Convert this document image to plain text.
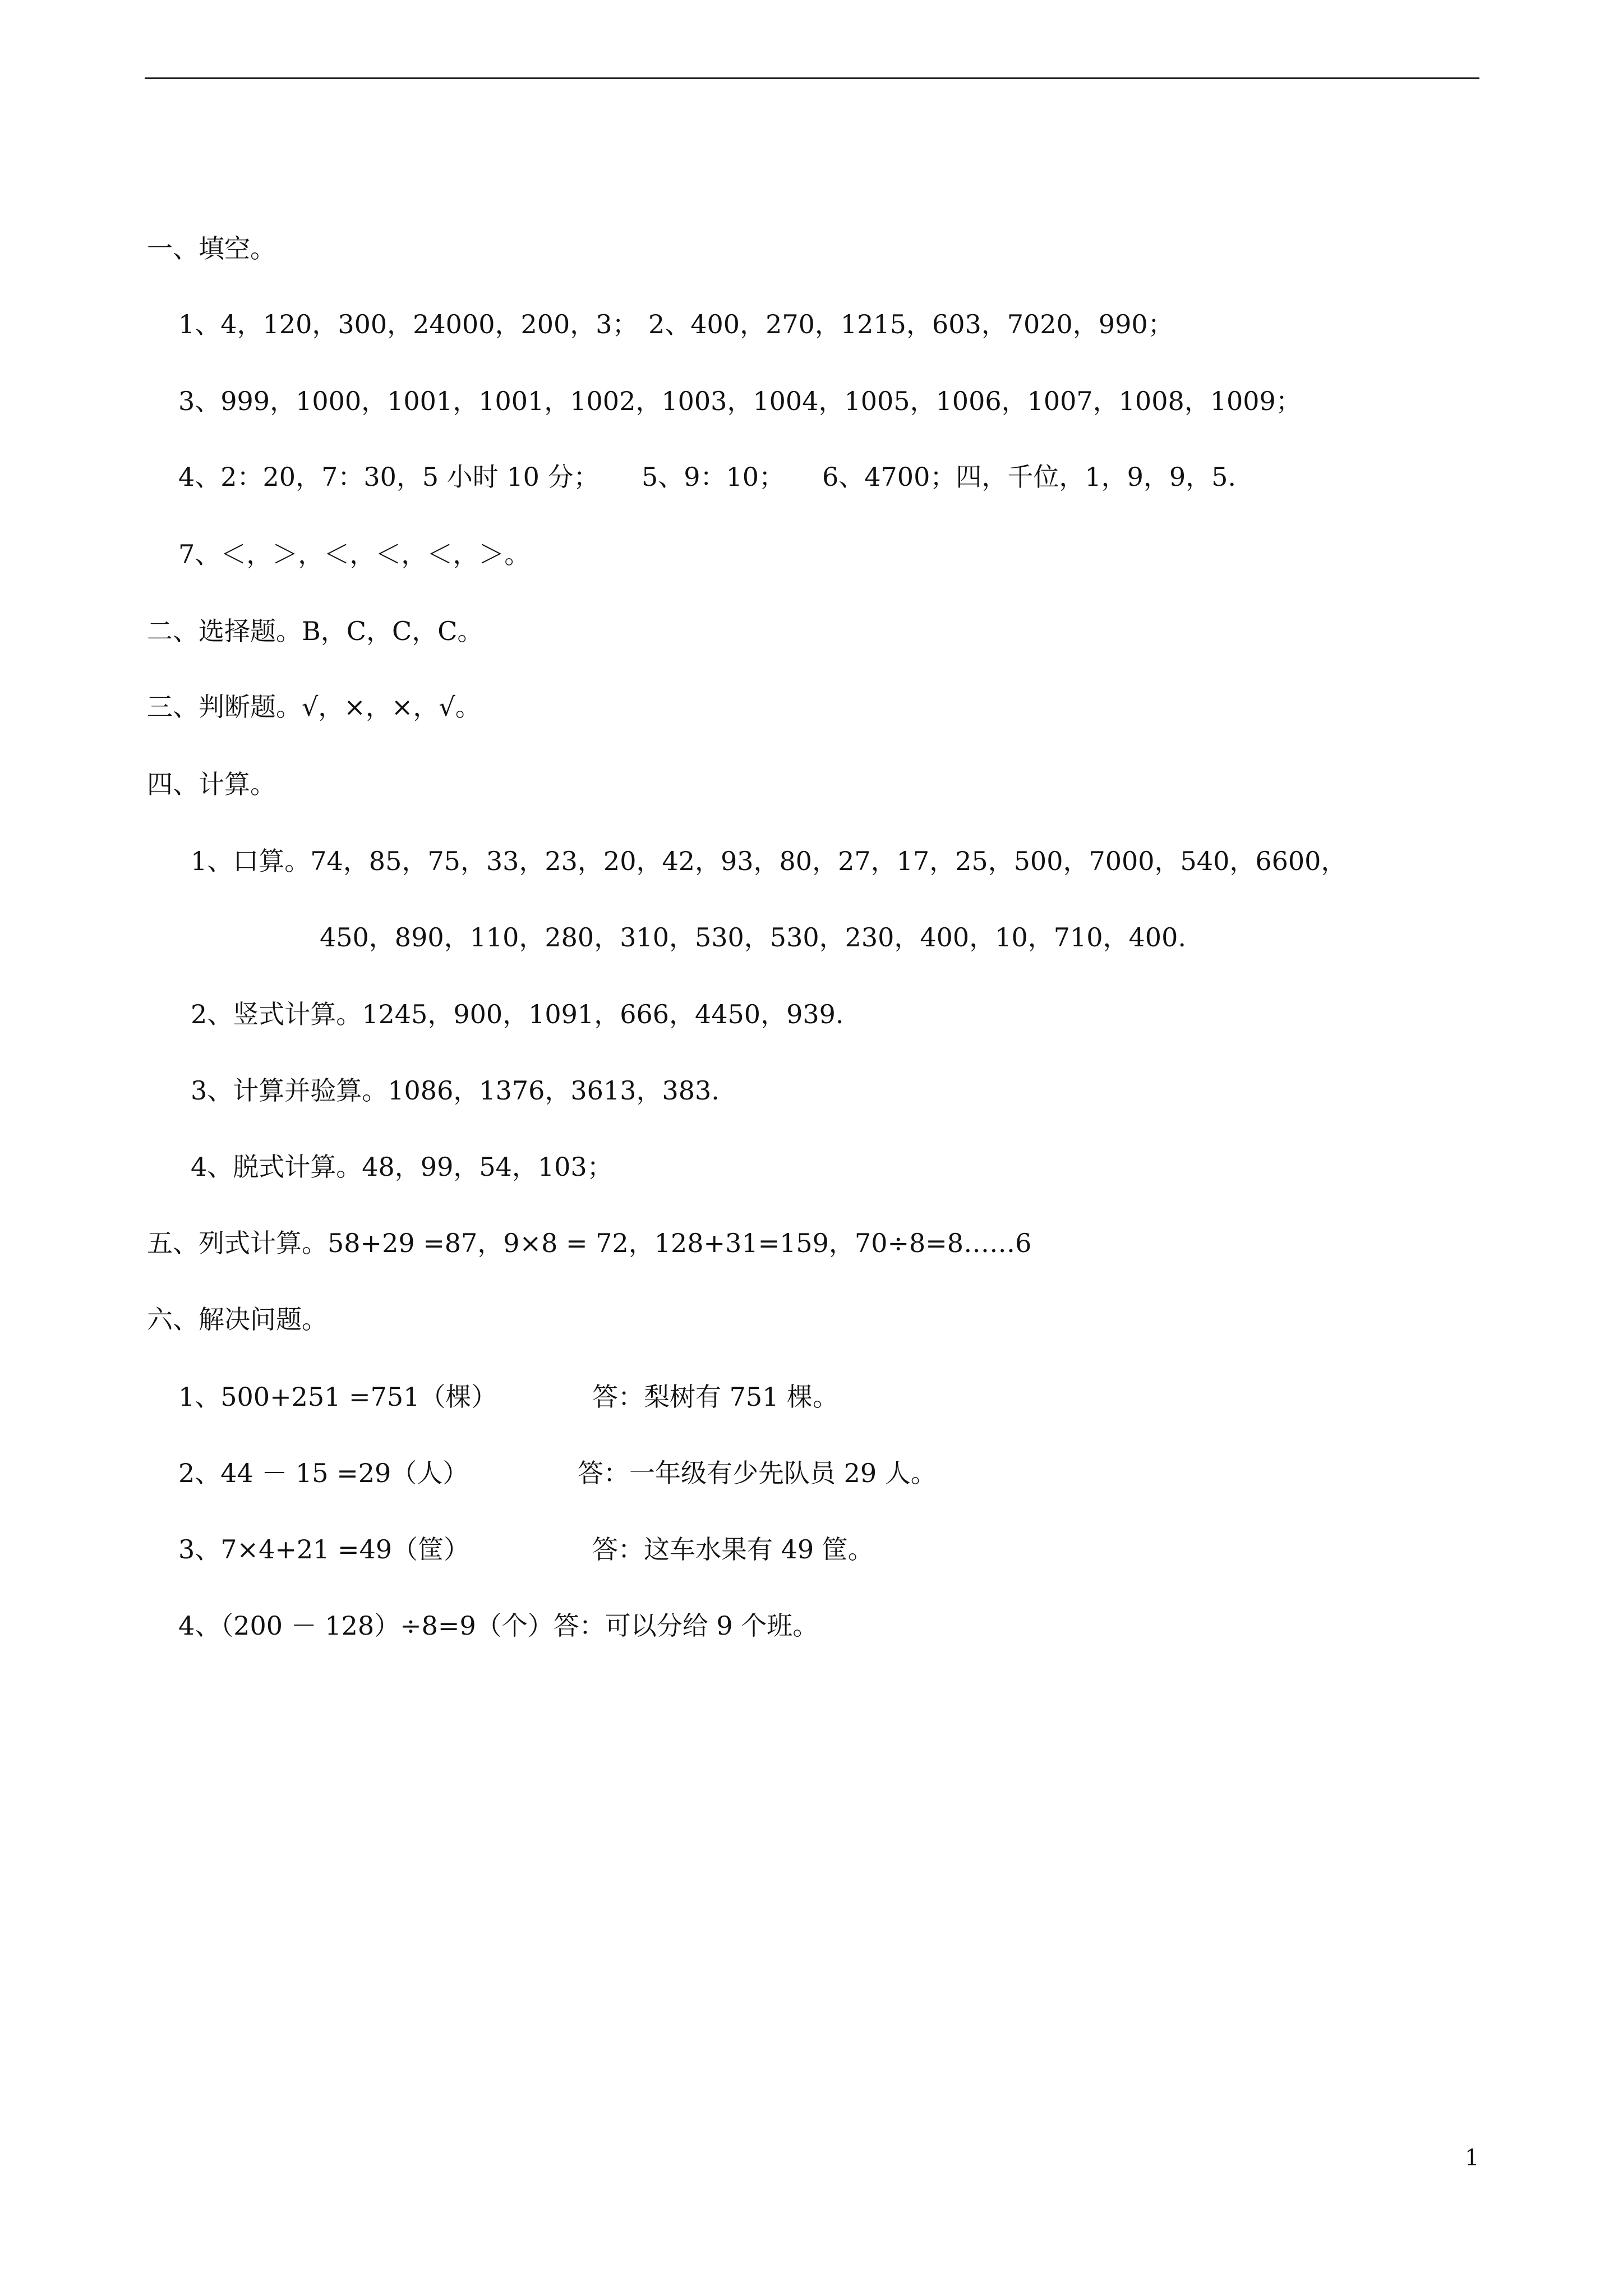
一、填空。
1、4，120，300，24000，200，3； 2、400，270，1215，603，7020，990；
3、999，1000，1001，1001，1002，1003，1004，1005，1006，1007，1008，1009；
4、2：20，7：30，5 小时 10 分； 5、9：10； 6、4700；四，千位，1，9，9，5.
7、＜，＞，＜，＜，＜，＞。
二、选择题。B，C，C，C。
三、判断题。√，×，×，√。
四、计算。
1、口算。74，85，75，33，23，20，42，93，80，27，17，25，500，7000，540，6600，
450，890，110，280，310，530，530，230，400，10，710，400.
2、竖式计算。1245，900，1091，666，4450，939.
3、计算并验算。1086，1376，3613，383.
4、脱式计算。48，99，54，103；
五、列式计算。58+29 =87，9×8 = 72，128+31=159，70÷8=8……6
六、解决问题。
1、500+251 =751（棵）	答：梨树有 751 棵。
2、44 － 15 =29（人）	答：一年级有少先队员 29 人。
3、7×4+21 =49（筐）	答：这车水果有 49 筐。
4、（200 － 128）÷8=9（个）答：可以分给 9 个班。
1
